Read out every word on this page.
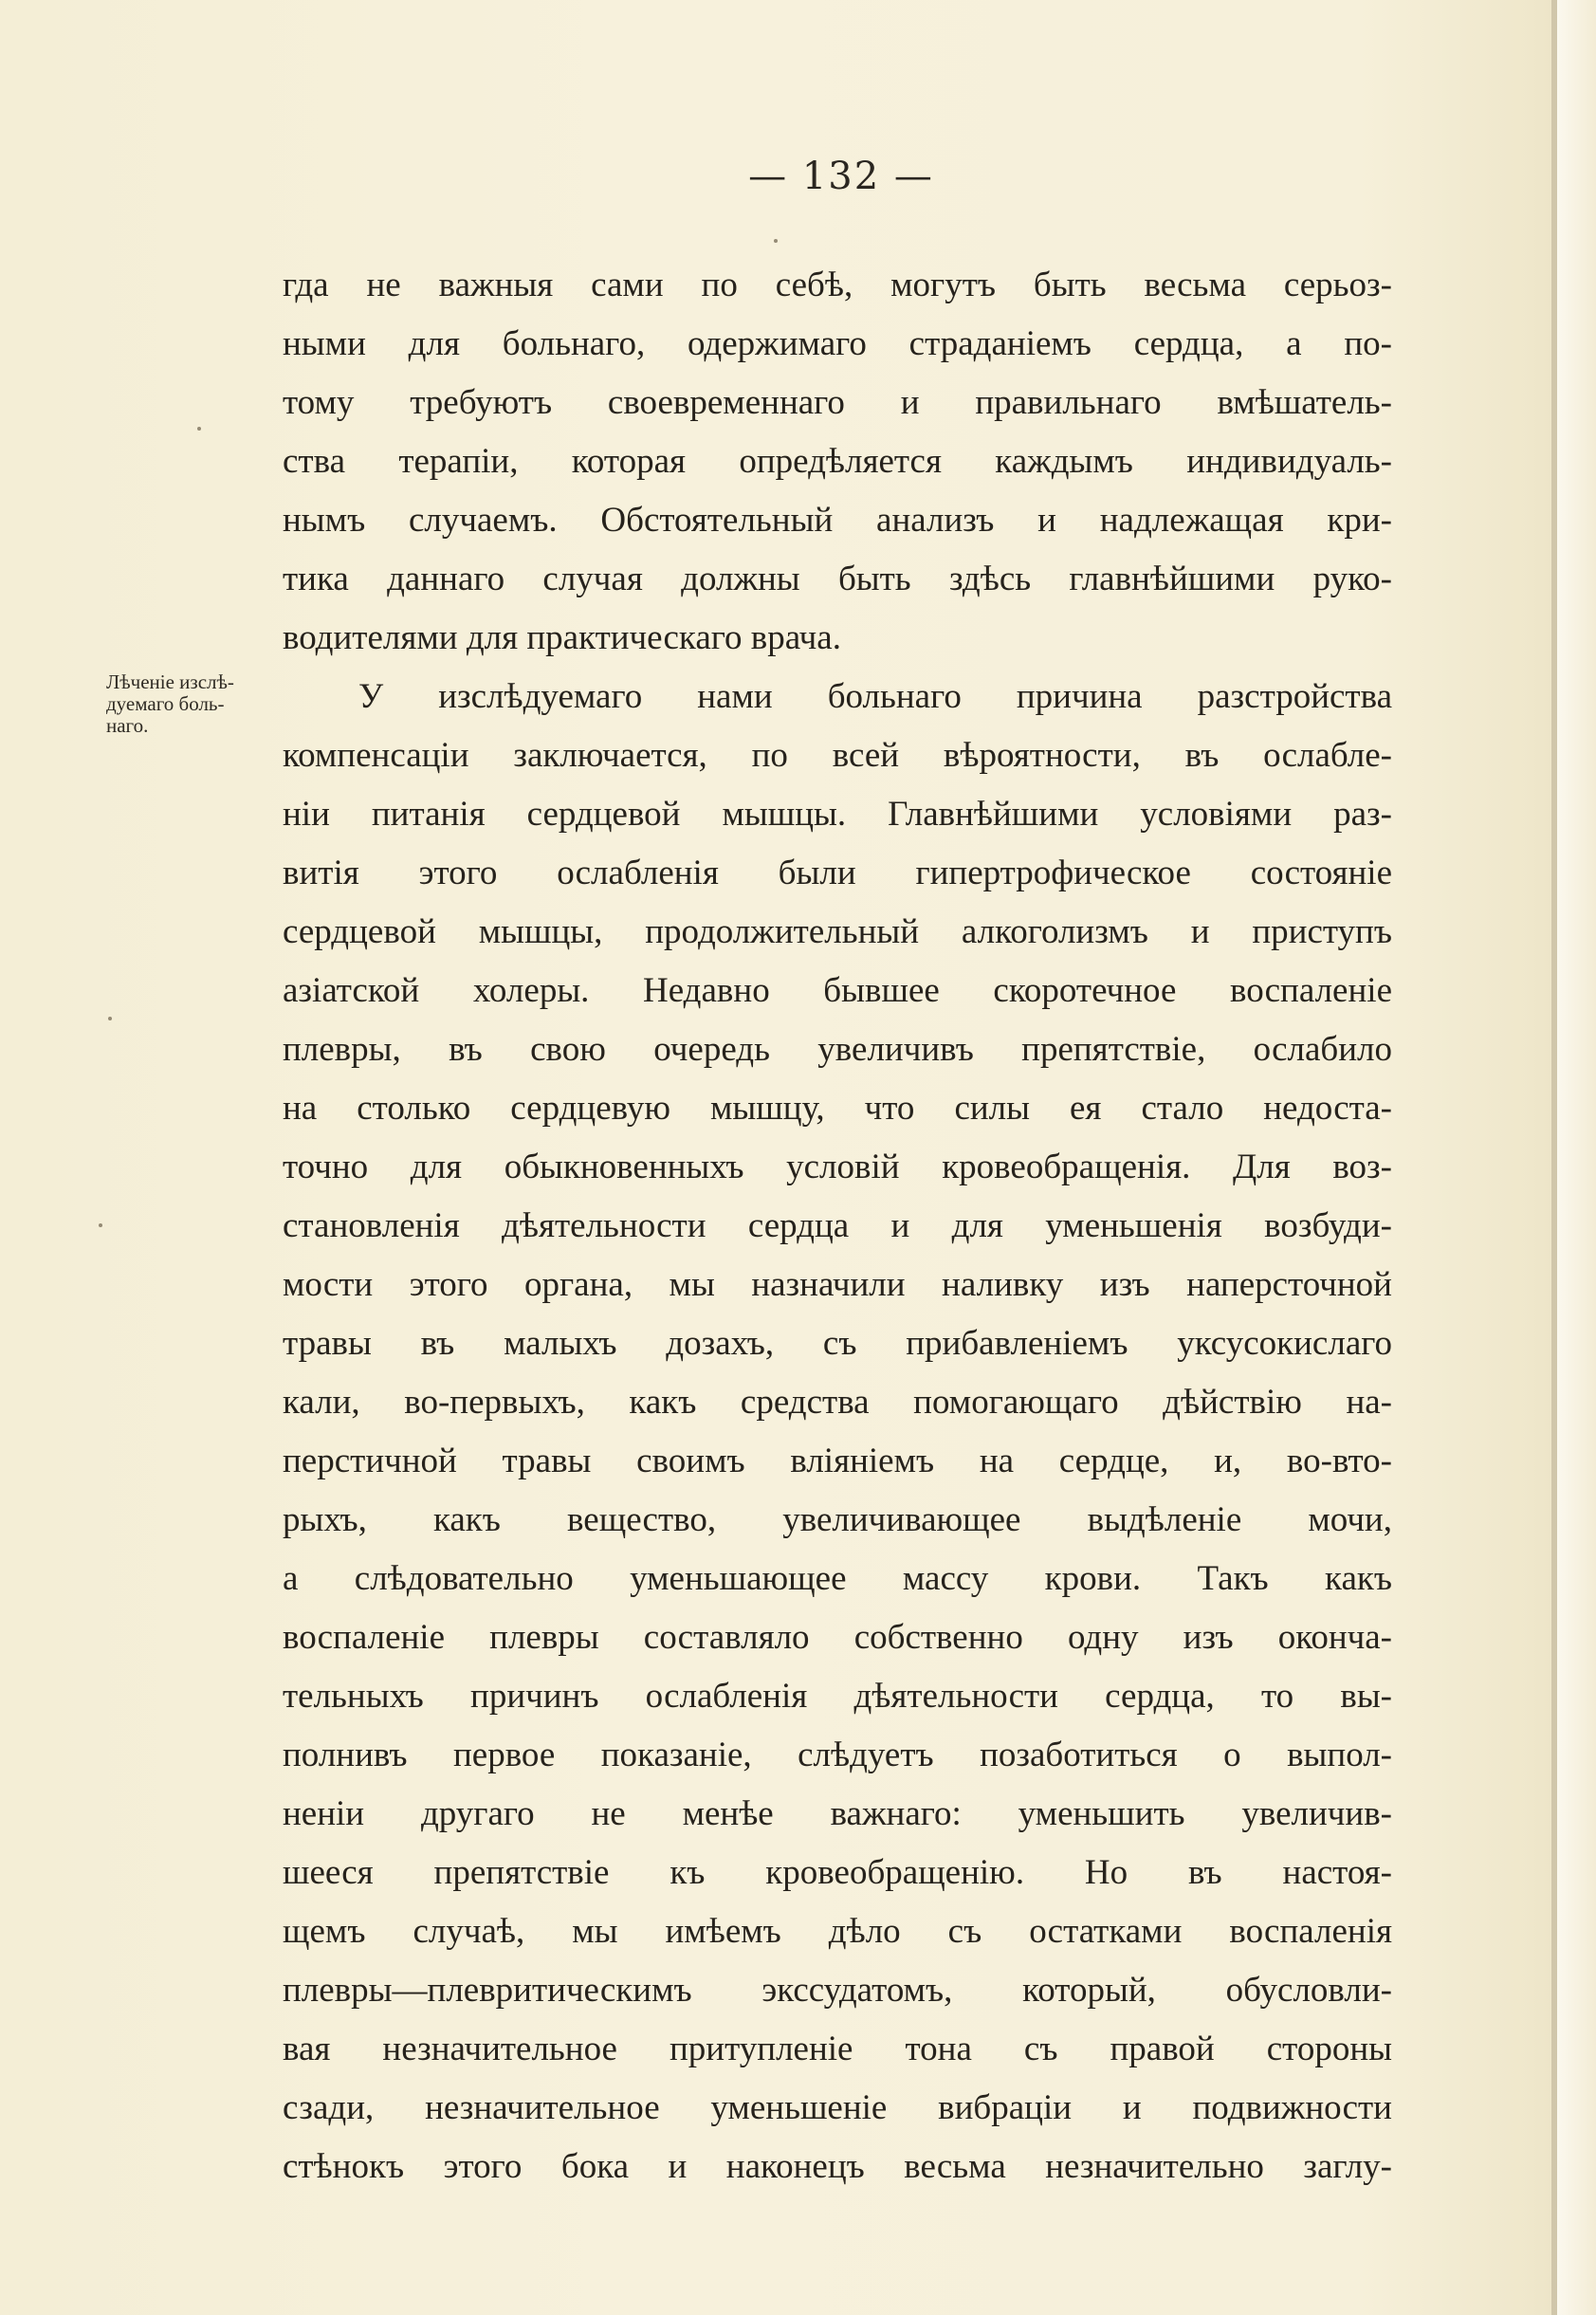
— 132 —
Лѣченіе изслѣ-
дуемаго боль-
наго.
гда не важныя сами по себѣ, могутъ быть весьма серьоз-
ными для больнаго, одержимаго страданіемъ сердца, а по-
тому требуютъ своевременнаго и правильнаго вмѣшатель-
ства терапіи, которая опредѣляется каждымъ индивидуаль-
нымъ случаемъ. Обстоятельный анализъ и надлежащая кри-
тика даннаго случая должны быть здѣсь главнѣйшими руко-
водителями для практическаго врача.
У изслѣдуемаго нами больнаго причина разстройства
компенсаціи заключается, по всей вѣроятности, въ ослабле-
ніи питанія сердцевой мышцы. Главнѣйшими условіями раз-
витія этого ослабленія были гипертрофическое состояніе
сердцевой мышцы, продолжительный алкоголизмъ и приступъ
азіатской холеры. Недавно бывшее скоротечное воспаленіе
плевры, въ свою очередь увеличивъ препятствіе, ослабило
на столько сердцевую мышцу, что силы ея стало недоста-
точно для обыкновенныхъ условій кровеобращенія. Для воз-
становленія дѣятельности сердца и для уменьшенія возбуди-
мости этого органа, мы назначили наливку изъ наперсточной
травы въ малыхъ дозахъ, съ прибавленіемъ уксусокислаго
кали, во-первыхъ, какъ средства помогающаго дѣйствію на-
перстичной травы своимъ вліяніемъ на сердце, и, во-вто-
рыхъ, какъ вещество, увеличивающее выдѣленіе мочи,
а слѣдовательно уменьшающее массу крови. Такъ какъ
воспаленіе плевры составляло собственно одну изъ оконча-
тельныхъ причинъ ослабленія дѣятельности сердца, то вы-
полнивъ первое показаніе, слѣдуетъ позаботиться о выпол-
неніи другаго не менѣе важнаго: уменьшить увеличив-
шееся препятствіе къ кровеобращенію. Но въ настоя-
щемъ случаѣ, мы имѣемъ дѣло съ остатками воспаленія
плевры—плевритическимъ экссудатомъ, который, обусловли-
вая незначительное притупленіе тона съ правой стороны
сзади, незначительное уменьшеніе вибраціи и подвижности
стѣнокъ этого бока и наконецъ весьма незначительно заглу-
